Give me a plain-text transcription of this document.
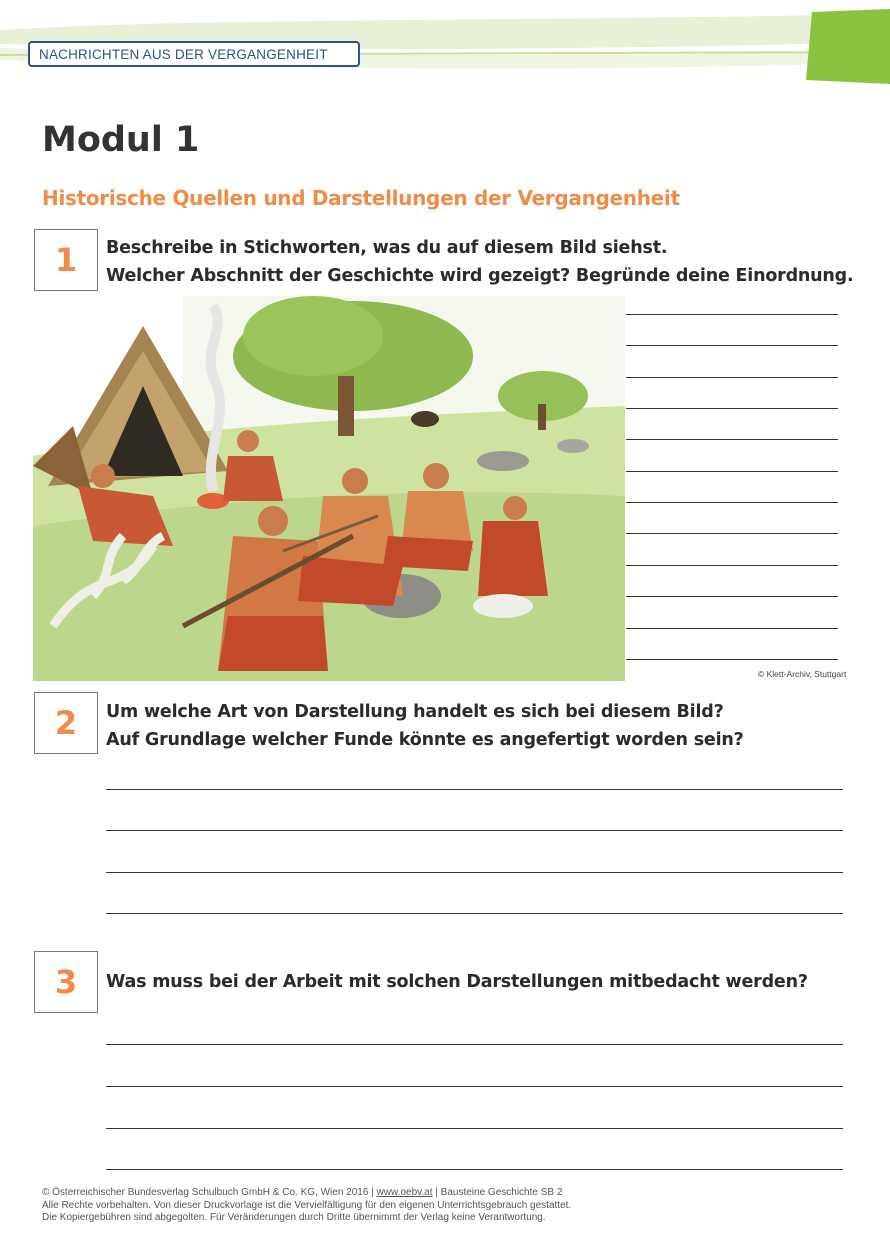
NACHRICHTEN AUS DER VERGANGENHEIT
Modul 1
Historische Quellen und Darstellungen der Vergangenheit
1	Beschreibe in Stichworten, was du auf diesem Bild siehst.
Welcher Abschnitt der Geschichte wird gezeigt? Begründe deine Einordnung.
© Klett-Archiv, Stuttgart
2	Um welche Art von Darstellung handelt es sich bei diesem Bild?
Auf Grundlage welcher Funde könnte es angefertigt worden sein?
3	Was muss bei der Arbeit mit solchen Darstellungen mitbedacht werden?
© Österreichischer Bundesverlag Schulbuch GmbH & Co. KG, Wien 2016 | www.oebv.at | Bausteine Geschichte SB 2
Alle Rechte vorbehalten. Von dieser Druckvorlage ist die Vervielfältigung für den eigenen Unterrichtsgebrauch gestattet.
Die Kopiergebühren sind abgegolten. Für Veränderungen durch Dritte übernimmt der Verlag keine Verantwortung.
